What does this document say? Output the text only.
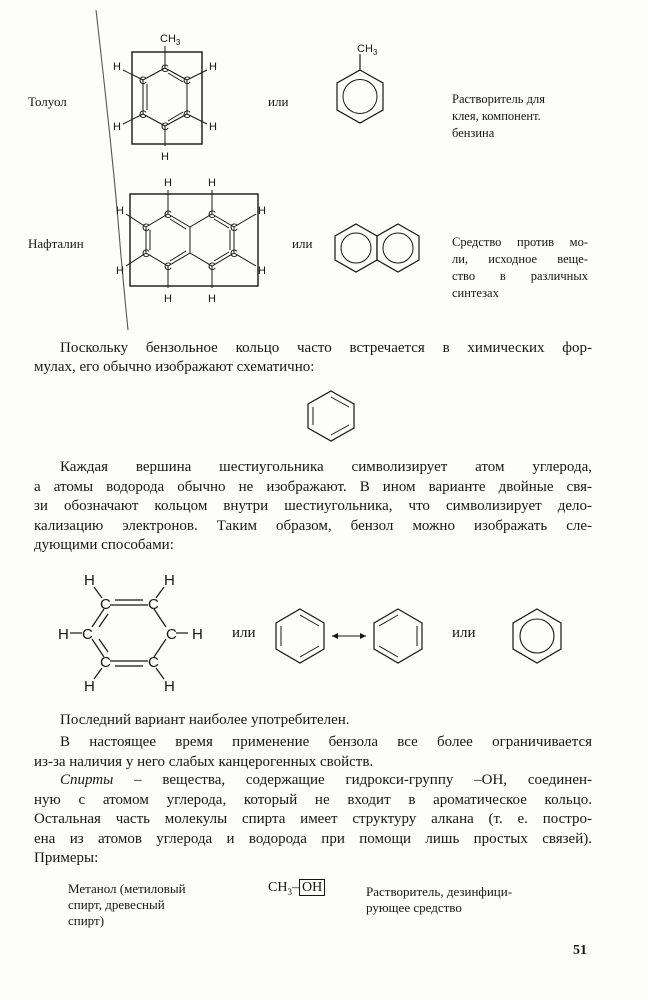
Толуол
$CH_3$
C
C
C
C
C
C
H
H
H
H
H
или
$CH_3$
Растворитель для
клея, компонент.
бензина
Нафталин
C	C
C	C
C	C
C	C
H	H
H	H
H
H
H
H
или	Средство против мо-
ли, исходное веще-
ство в различных
синтезах
Поскольку бензольное кольцо часто встречается в химических фор-
мулах, его обычно изображают схематично:
Каждая вершина шестиугольника символизирует атом углерода,
а атомы водорода обычно не изображают. В ином варианте двойные свя-
зи обозначают кольцом внутри шестиугольника, что символизирует дело-
кализацию электронов. Таким образом, бензол можно изображать сле-
дующими способами:
C C
C	C
C C
H	H
H	H
H	H или	или
Последний вариант наиболее употребителен.
В настоящее время применение бензола все более ограничивается
из-за наличия у него слабых канцерогенных свойств.
Спирты – вещества, содержащие гидрокси-группу –ОН, соединен-
ную с атомом углерода, который не входит в ароматическое кольцо.
Остальная часть молекулы спирта имеет структуру алкана (т. е. постро-
ена из атомов углерода и водорода при помощи лишь простых связей).
Примеры:
Метанол (метиловый
спирт, древесный
спирт)
$CH_3-$ OH	Растворитель, дезинфици-
рующее средство
51
